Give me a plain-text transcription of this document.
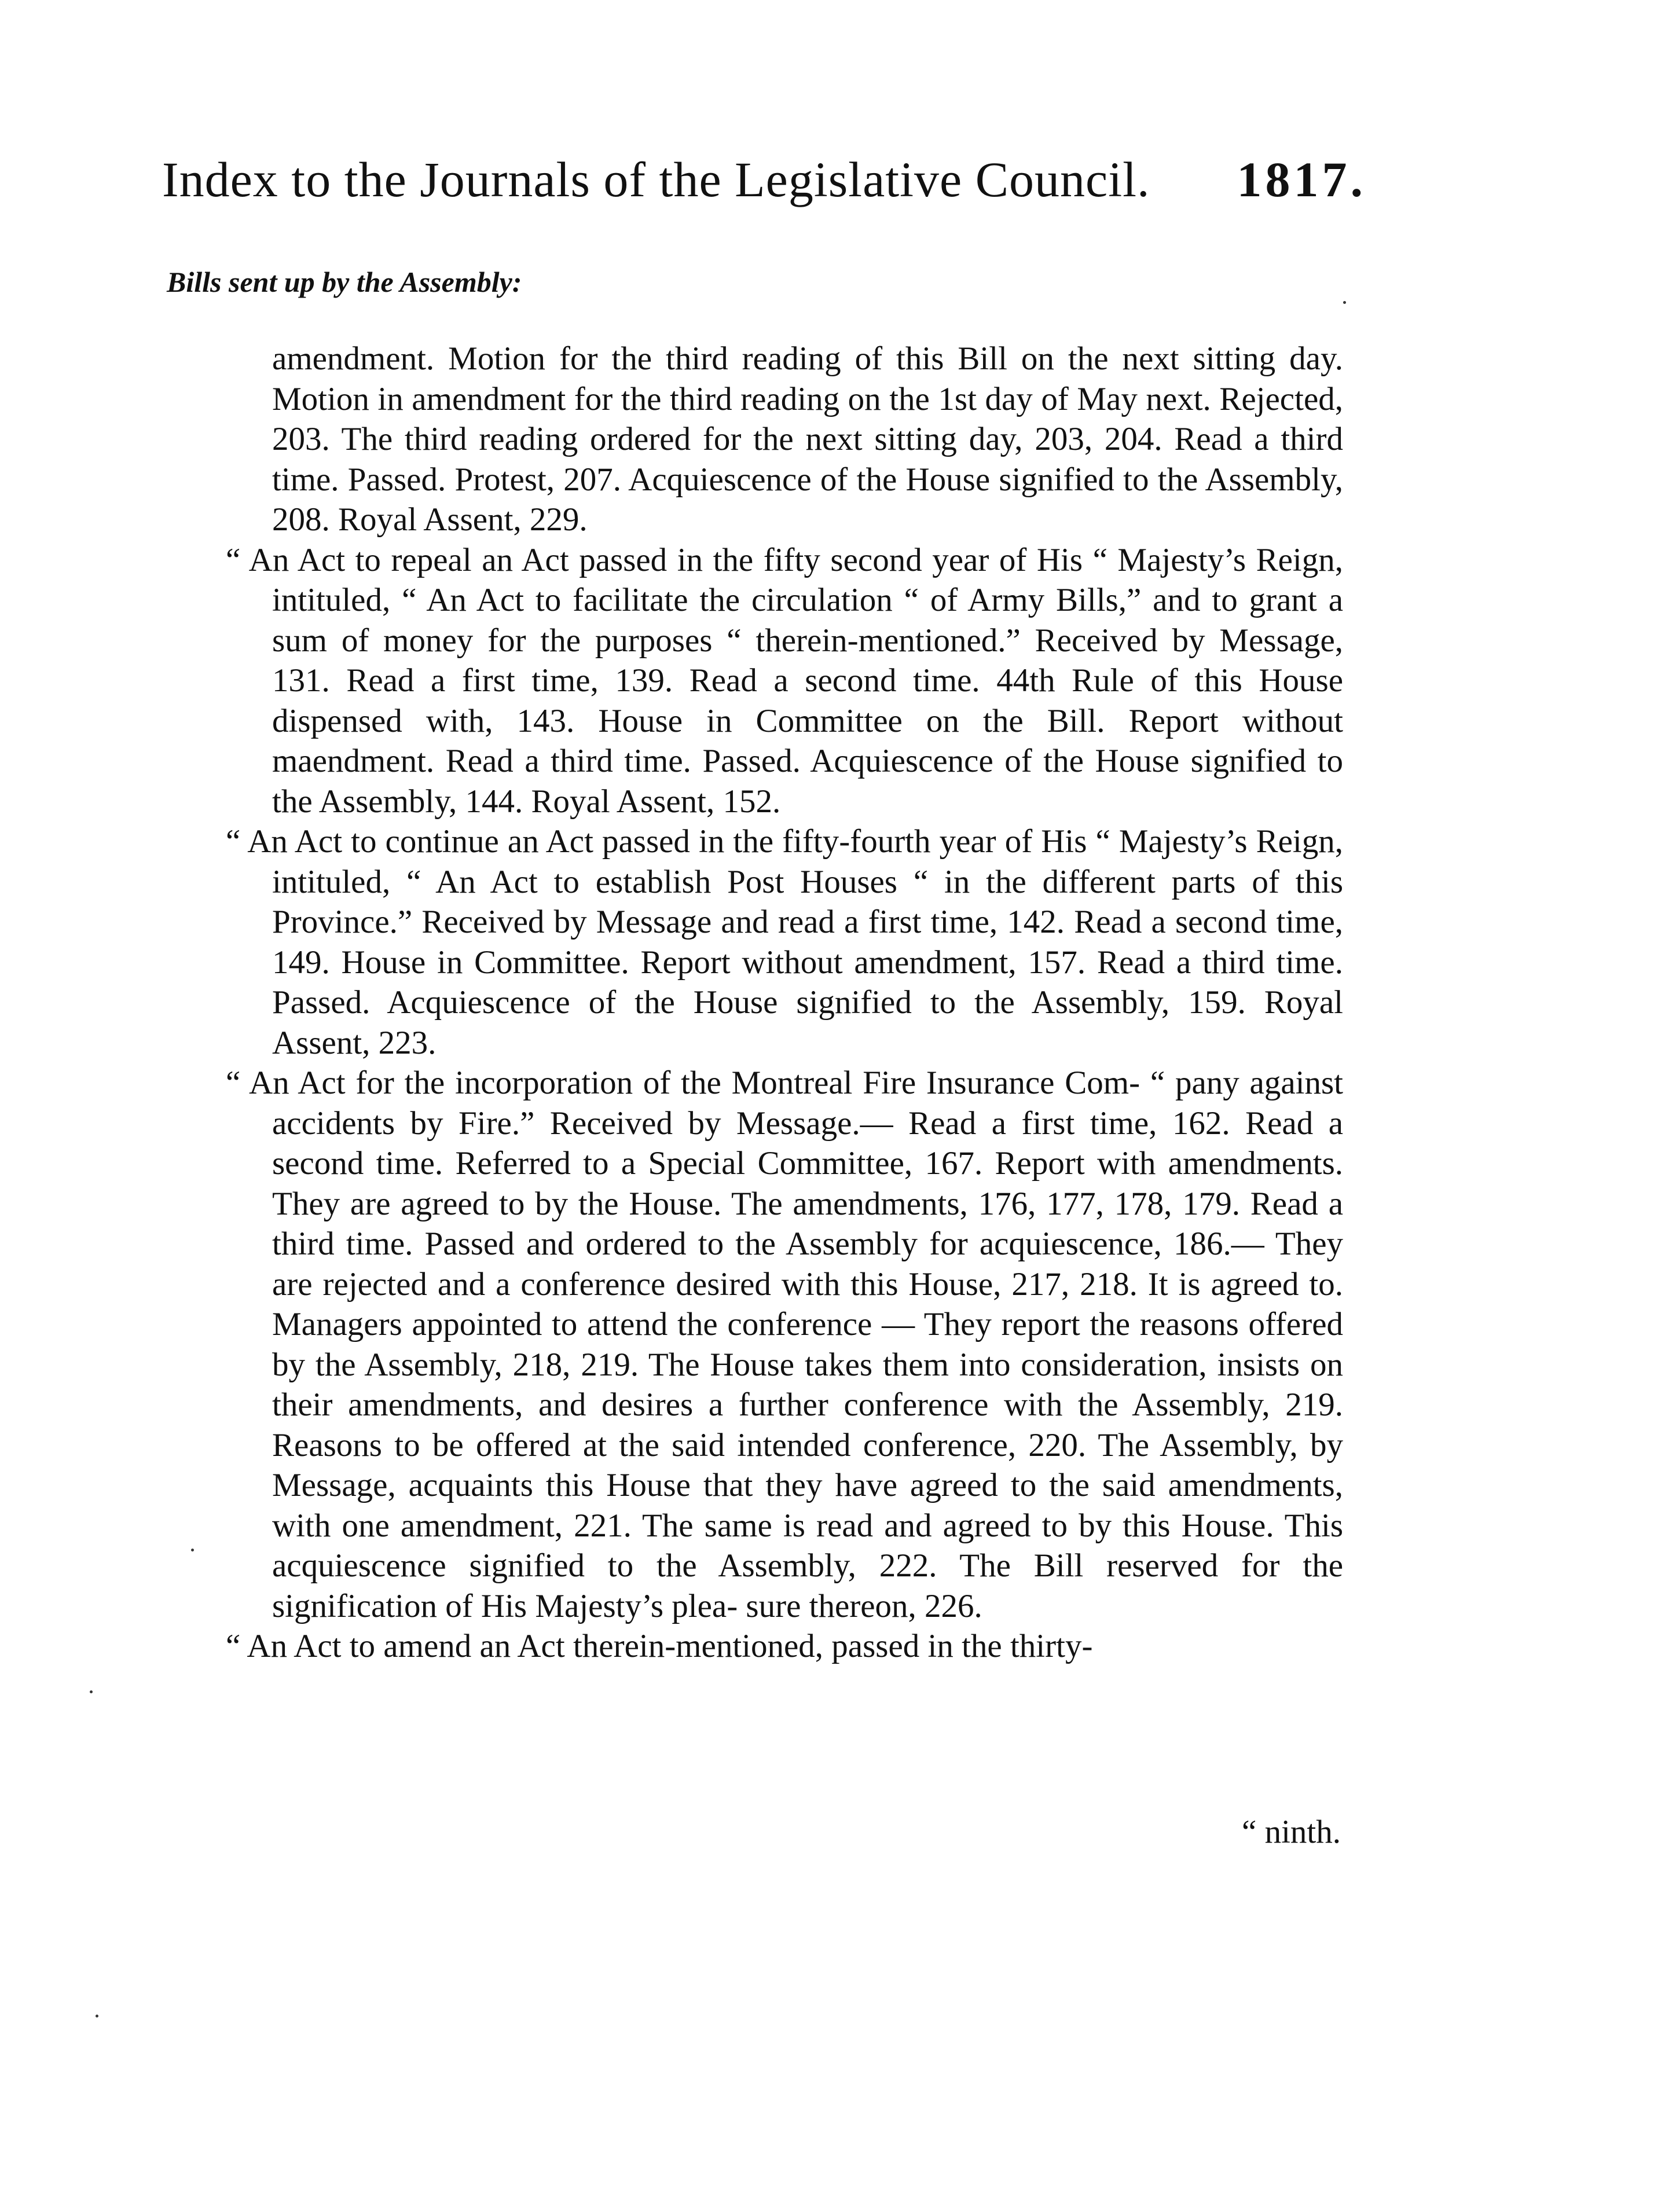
Index to the Journals of the Legislative Council. 1817.
Bills sent up by the Assembly:

amendment. Motion for the third reading of this Bill on the next sitting day. Motion in amendment for the third reading on the 1st day of May next. Rejected, 203. The third reading ordered for the next sitting day, 203, 204. Read a third time. Passed. Protest, 207. Acquiescence of the House signified to the Assembly, 208. Royal Assent, 229.

“ An Act to repeal an Act passed in the fifty second year of His “ Majesty’s Reign, intituled, “ An Act to facilitate the circulation “ of Army Bills,” and to grant a sum of money for the purposes “ therein-mentioned.” Received by Message, 131. Read a first time, 139. Read a second time. 44th Rule of this House dispensed with, 143. House in Committee on the Bill. Report without maendment. Read a third time. Passed. Acquiescence of the House signified to the Assembly, 144. Royal Assent, 152.

“ An Act to continue an Act passed in the fifty-fourth year of His “ Majesty’s Reign, intituled, “ An Act to establish Post Houses “ in the different parts of this Province.” Received by Message and read a first time, 142. Read a second time, 149. House in Committee. Report without amendment, 157. Read a third time. Passed. Acquiescence of the House signified to the Assembly, 159. Royal Assent, 223.

“ An Act for the incorporation of the Montreal Fire Insurance Com- “ pany against accidents by Fire.” Received by Message.— Read a first time, 162. Read a second time. Referred to a Special Committee, 167. Report with amendments. They are agreed to by the House. The amendments, 176, 177, 178, 179. Read a third time. Passed and ordered to the Assembly for acquiescence, 186.— They are rejected and a conference desired with this House, 217, 218. It is agreed to. Managers appointed to attend the conference — They report the reasons offered by the Assembly, 218, 219. The House takes them into consideration, insists on their amendments, and desires a further conference with the Assembly, 219. Reasons to be offered at the said intended conference, 220. The Assembly, by Message, acquaints this House that they have agreed to the said amendments, with one amendment, 221. The same is read and agreed to by this House. This acquiescence signified to the Assembly, 222. The Bill reserved for the signification of His Majesty’s plea- sure thereon, 226.

“ An Act to amend an Act therein-mentioned, passed in the thirty-

“ ninth.
